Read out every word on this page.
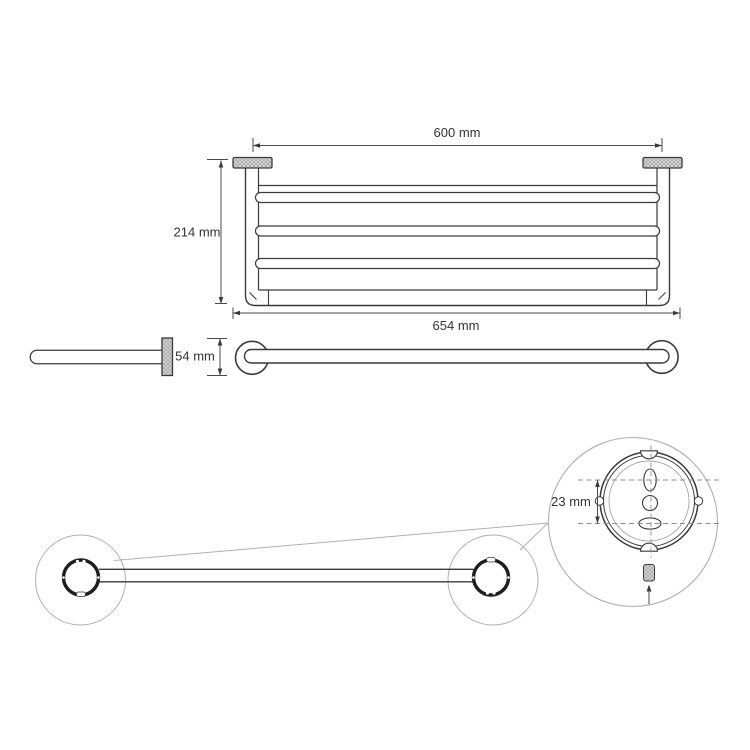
600 mm
214 mm
654 mm
54 mm
23 mm
